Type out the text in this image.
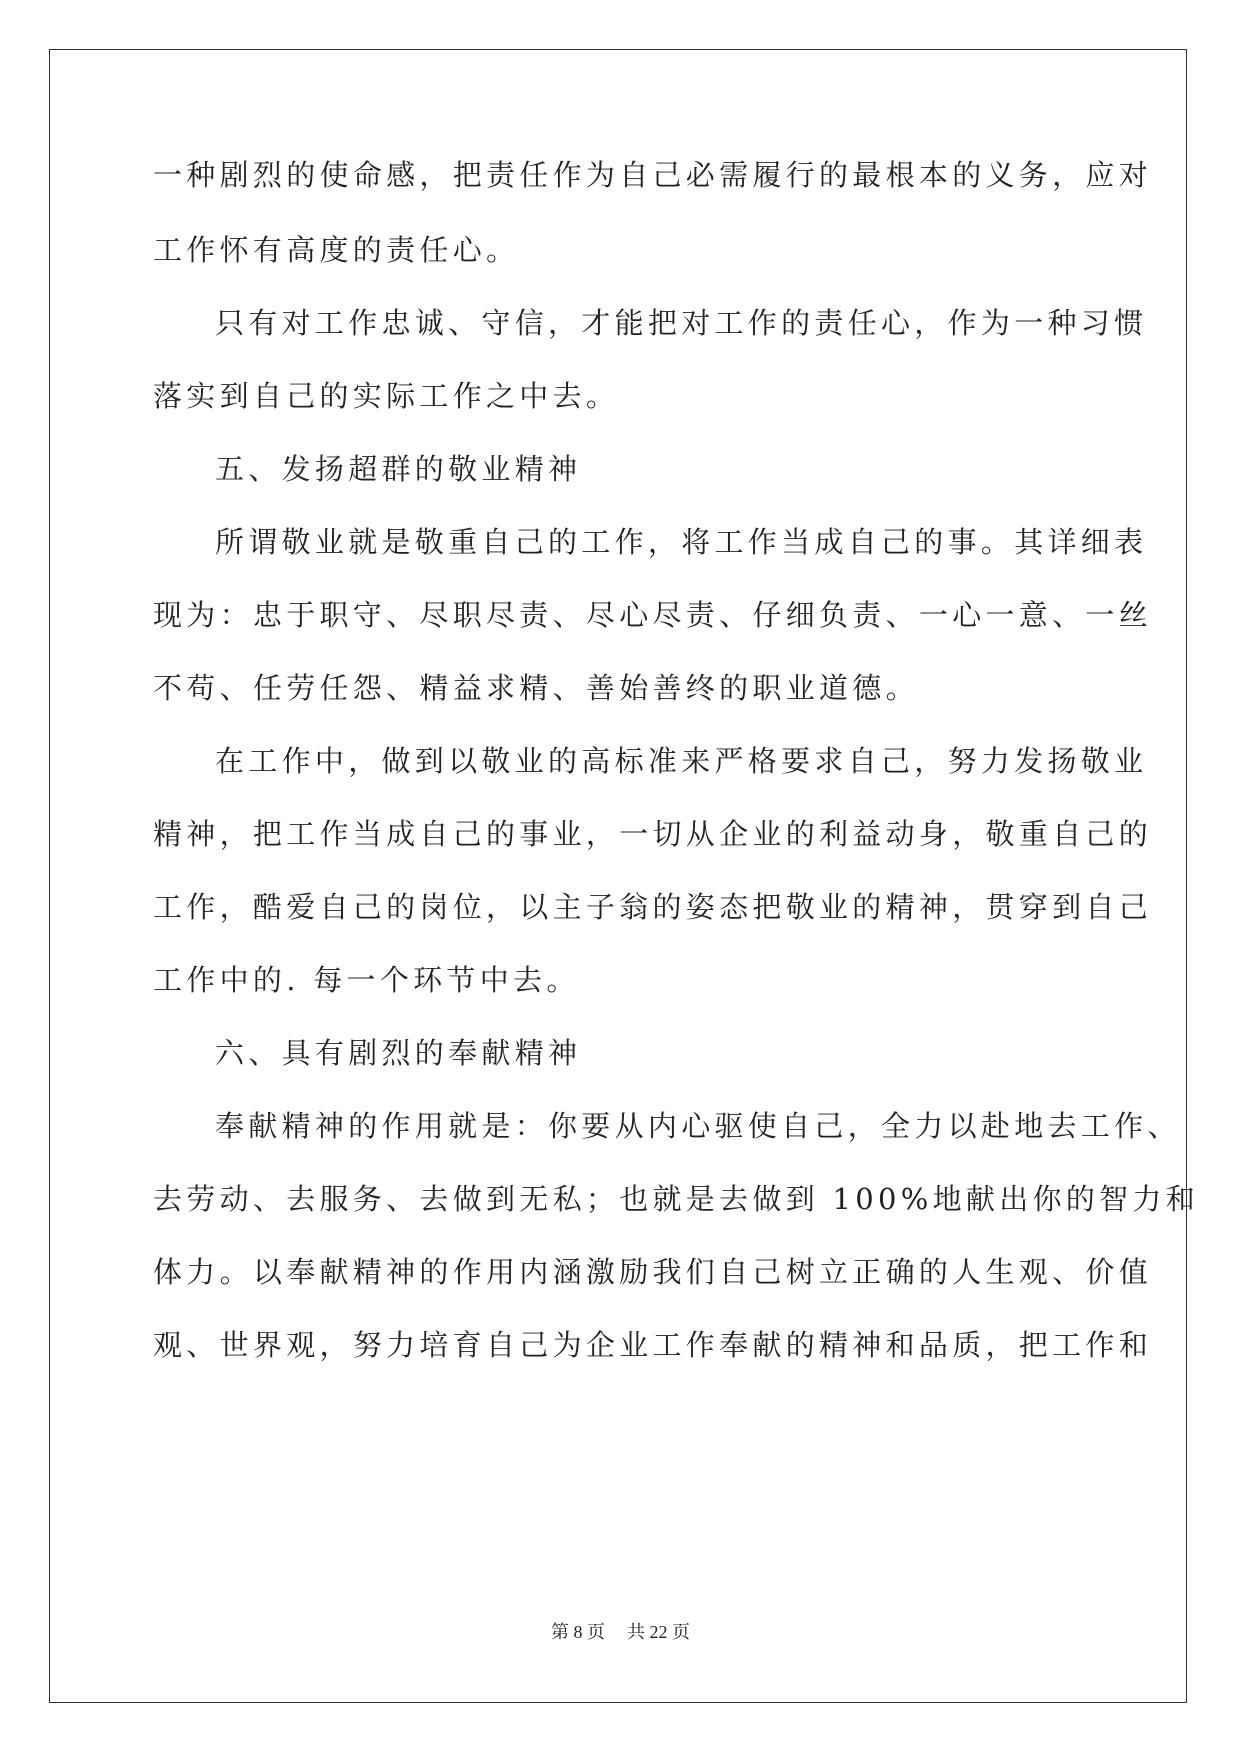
一种剧烈的使命感，把责任作为自己必需履行的最根本的义务，应对
工作怀有高度的责任心。
只有对工作忠诚、守信，才能把对工作的责任心，作为一种习惯
落实到自己的实际工作之中去。
五、发扬超群的敬业精神
所谓敬业就是敬重自己的工作，将工作当成自己的事。其详细表
现为：忠于职守、尽职尽责、尽心尽责、仔细负责、一心一意、一丝
不苟、任劳任怨、精益求精、善始善终的职业道德。
在工作中，做到以敬业的高标准来严格要求自己，努力发扬敬业
精神，把工作当成自己的事业，一切从企业的利益动身，敬重自己的
工作，酷爱自己的岗位，以主子翁的姿态把敬业的精神，贯穿到自己
工作中的. 每一个环节中去。
六、具有剧烈的奉献精神
奉献精神的作用就是：你要从内心驱使自己，全力以赴地去工作、
去劳动、去服务、去做到无私；也就是去做到 100%地献出你的智力和
体力。以奉献精神的作用内涵激励我们自己树立正确的人生观、价值
观、世界观，努力培育自己为企业工作奉献的精神和品质，把工作和
第 8 页 共 22 页
